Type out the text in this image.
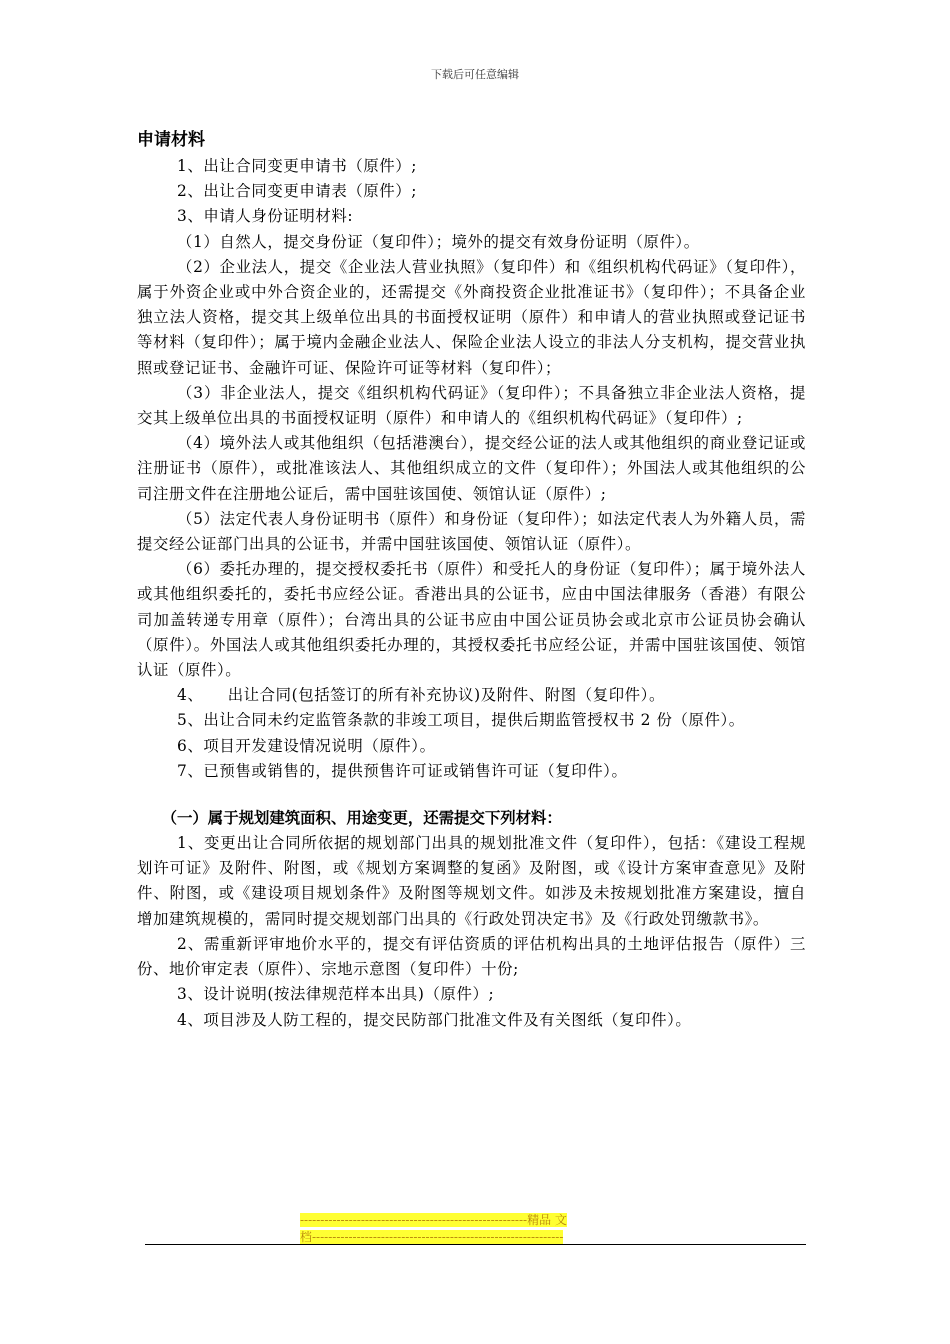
下载后可任意编辑

申请材料

1、出让合同变更申请书（原件）;

2、出让合同变更申请表（原件）;

3、申请人身份证明材料:

（1）自然人，提交身份证（复印件）；境外的提交有效身份证明（原件）。

（2）企业法人，提交《企业法人营业执照》（复印件）和《组织机构代码证》（复印件），属于外资企业或中外合资企业的，还需提交《外商投资企业批准证书》（复印件）；不具备企业独立法人资格，提交其上级单位出具的书面授权证明（原件）和申请人的营业执照或登记证书等材料（复印件）；属于境内金融企业法人、保险企业法人设立的非法人分支机构，提交营业执照或登记证书、金融许可证、保险许可证等材料（复印件）；

（3）非企业法人，提交《组织机构代码证》（复印件）；不具备独立非企业法人资格，提交其上级单位出具的书面授权证明（原件）和申请人的《组织机构代码证》（复印件）;

（4）境外法人或其他组织（包括港澳台），提交经公证的法人或其他组织的商业登记证或注册证书（原件），或批准该法人、其他组织成立的文件（复印件）；外国法人或其他组织的公司注册文件在注册地公证后，需中国驻该国使、领馆认证（原件）;

（5）法定代表人身份证明书（原件）和身份证（复印件）；如法定代表人为外籍人员，需提交经公证部门出具的公证书，并需中国驻该国使、领馆认证（原件）。

（6）委托办理的，提交授权委托书（原件）和受托人的身份证（复印件）；属于境外法人或其他组织委托的，委托书应经公证。香港出具的公证书，应由中国法律服务（香港）有限公司加盖转递专用章（原件）；台湾出具的公证书应由中国公证员协会或北京市公证员协会确认（原件）。外国法人或其他组织委托办理的，其授权委托书应经公证，并需中国驻该国使、领馆认证（原件）。

4、　　出让合同(包括签订的所有补充协议)及附件、附图（复印件）。

5、出让合同未约定监管条款的非竣工项目，提供后期监管授权书 2 份（原件）。

6、项目开发建设情况说明（原件）。

7、已预售或销售的，提供预售许可证或销售许可证（复印件）。

（一）属于规划建筑面积、用途变更，还需提交下列材料：

1、变更出让合同所依据的规划部门出具的规划批准文件（复印件），包括：《建设工程规划许可证》及附件、附图，或《规划方案调整的复函》及附图，或《设计方案审查意见》及附件、附图，或《建设项目规划条件》及附图等规划文件。如涉及未按规划批准方案建设，擅自增加建筑规模的，需同时提交规划部门出具的《行政处罚决定书》及《行政处罚缴款书》。

2、需重新评审地价水平的，提交有评估资质的评估机构出具的土地评估报告（原件）三份、地价审定表（原件）、宗地示意图（复印件）十份;

3、设计说明(按法律规范样本出具)（原件）;

4、项目涉及人防工程的，提交民防部门批准文件及有关图纸（复印件）。

--------------------------------------------------------精品 文
档--------------------------------------------------------------
